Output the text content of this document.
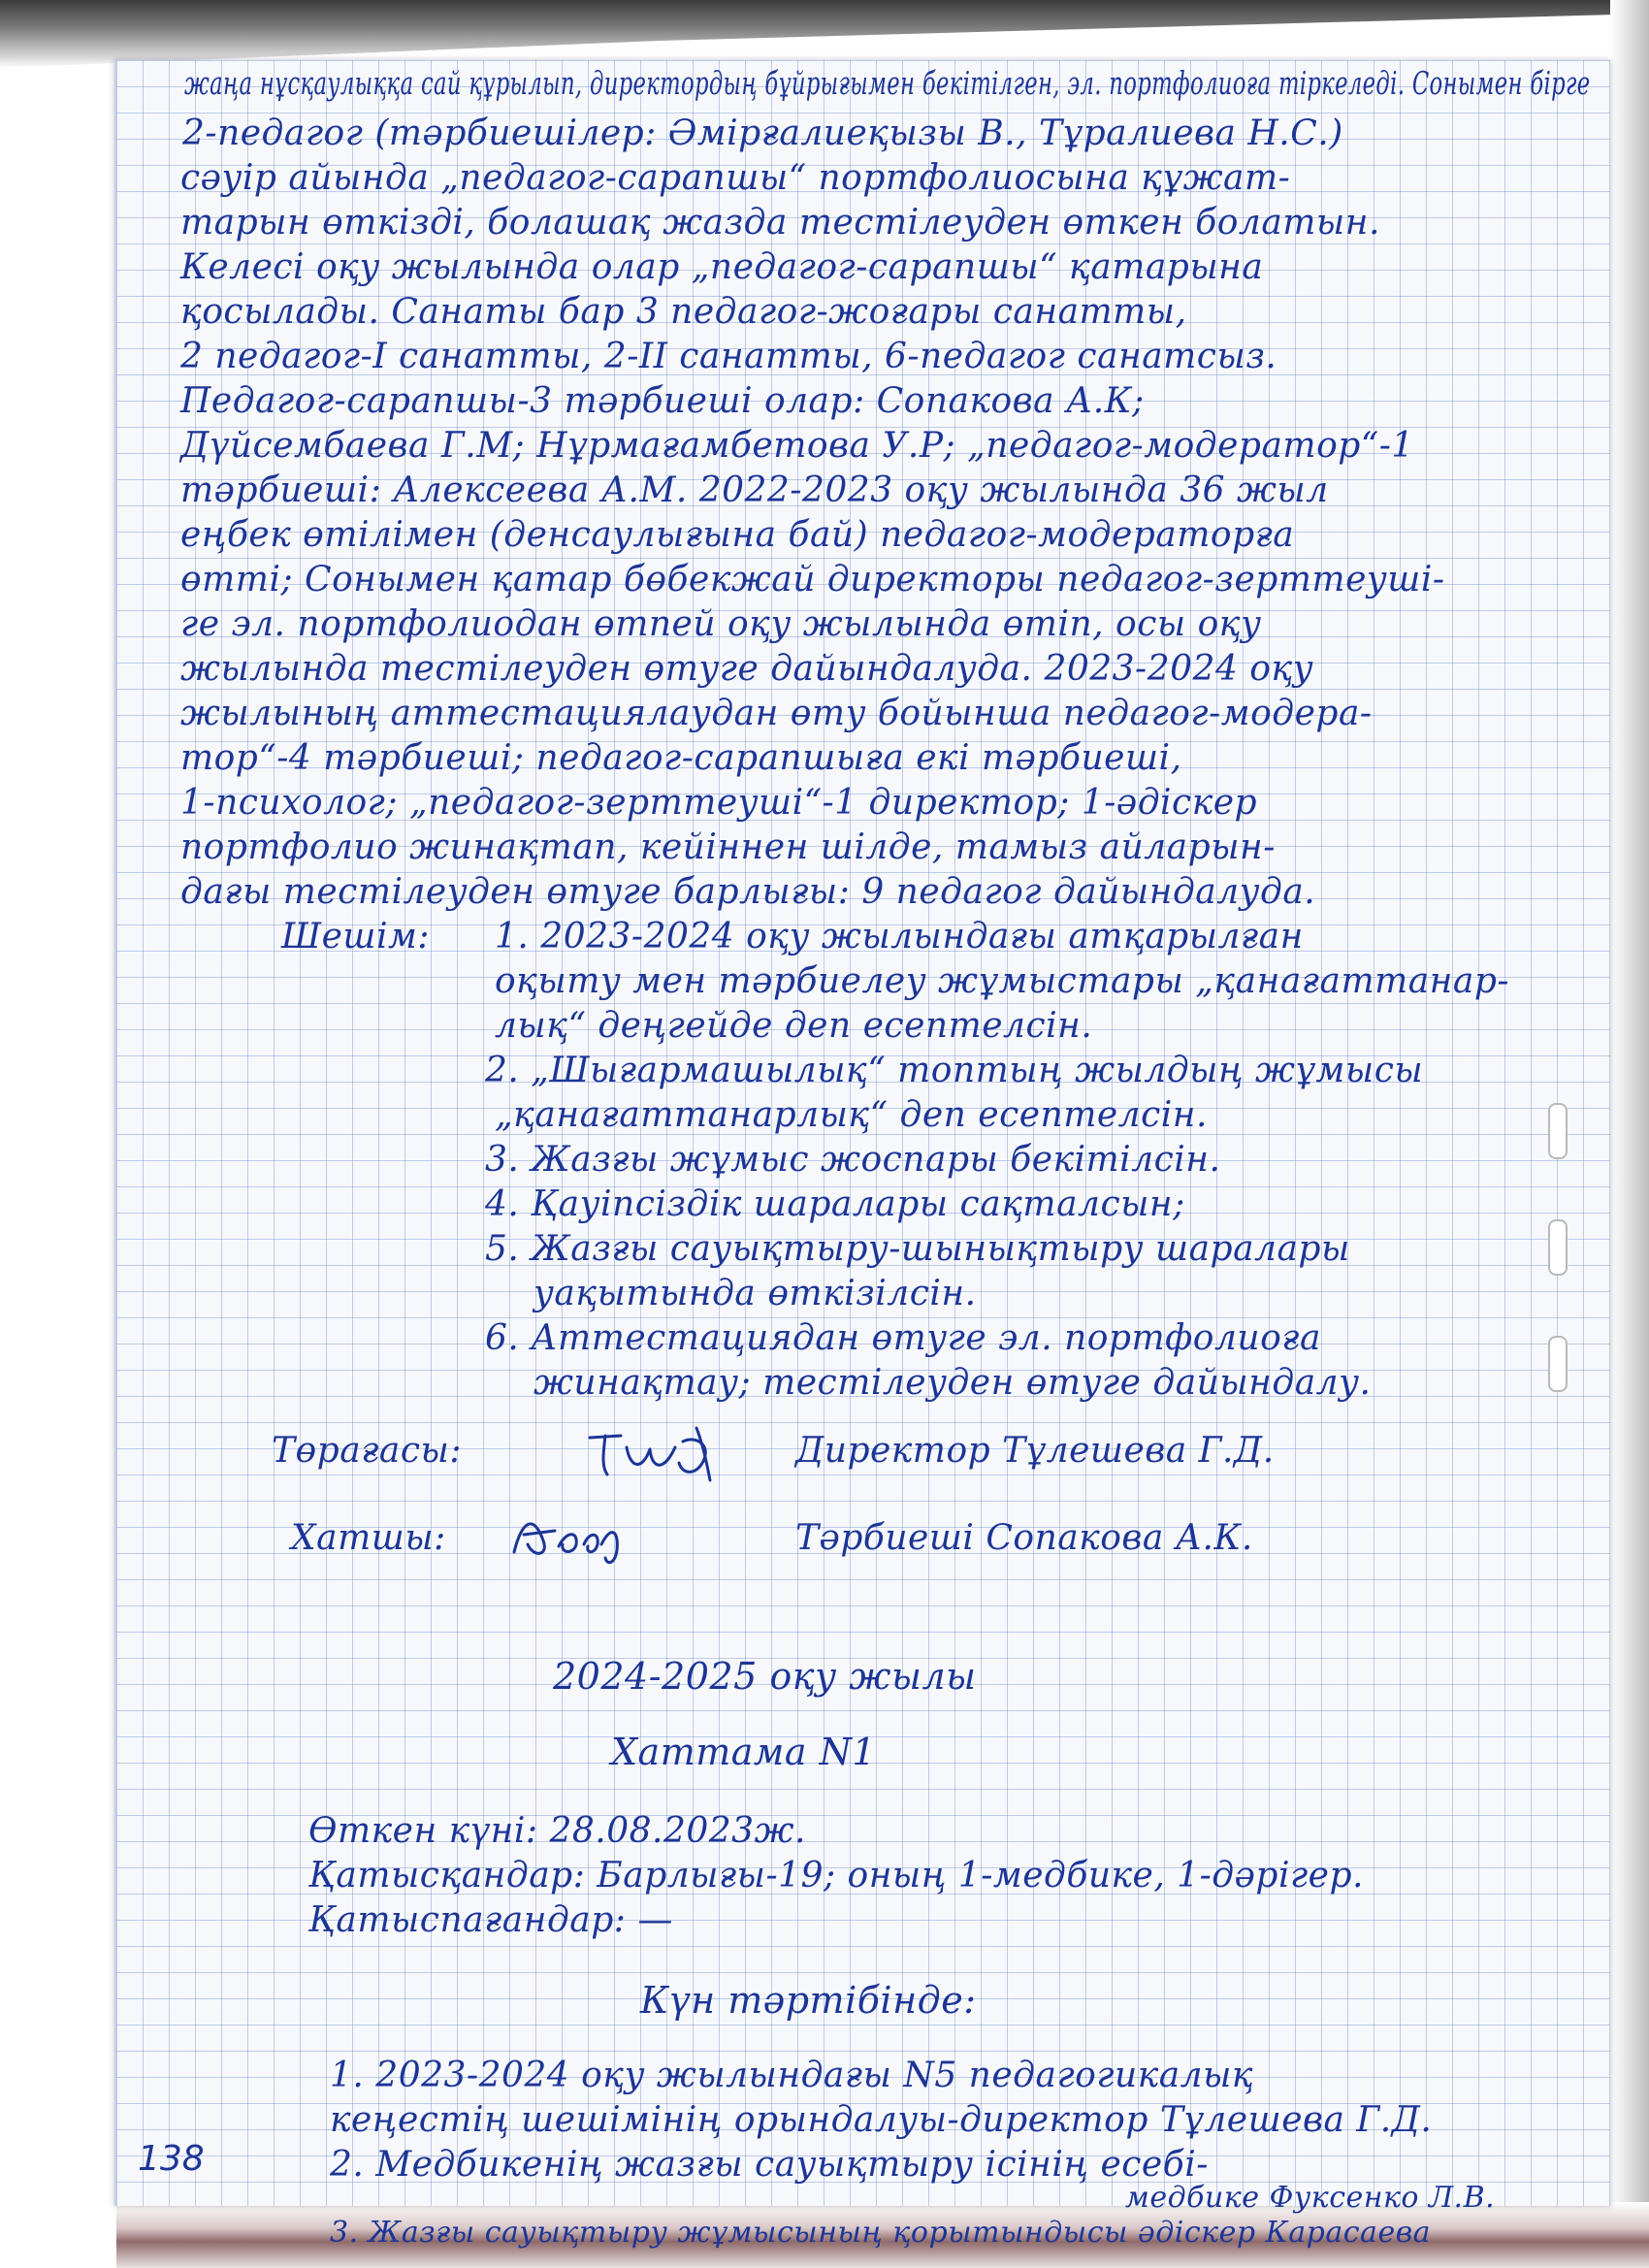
жаңа нұсқаулыққа сай құрылып, директордың бұйрығымен бекітілген, эл. портфолиоға тіркеледі. Сонымен бірге
2-педагог (тәрбиешілер: Әмірғалиеқызы В., Тұралиева Н.С.)
сәуір айында „педагог-сарапшы“ портфолиосына құжат-
тарын өткізді, болашақ жазда тестілеуден өткен болатын.
Келесі оқу жылында олар „педагог-сарапшы“ қатарына
қосылады. Санаты бар 3 педагог-жоғары санатты,
2 педагог-I санатты, 2-II санатты, 6-педагог санатсыз.
Педагог-сарапшы-3 тәрбиеші олар: Сопакова А.К;
Дүйсембаева Г.М; Нұрмағамбетова У.Р; „педагог-модератор“-1
тәрбиеші: Алексеева А.М. 2022-2023 оқу жылында 36 жыл
еңбек өтілімен (денсаулығына бай) педагог-модераторға
өтті; Сонымен қатар бөбекжай директоры педагог-зерттеуші-
ге эл. портфолиодан өтпей оқу жылында өтіп, осы оқу
жылында тестілеуден өтуге дайындалуда. 2023-2024 оқу
жылының аттестациялаудан өту бойынша педагог-модера-
тор“-4 тәрбиеші; педагог-сарапшыға екі тәрбиеші,
1-психолог; „педагог-зерттеуші“-1 директор; 1-әдіскер
портфолио жинақтап, кейіннен шілде, тамыз айларын-
дағы тестілеуден өтуге барлығы: 9 педагог дайындалуда.
Шешім: 1. 2023-2024 оқу жылындағы атқарылған
оқыту мен тәрбиелеу жұмыстары „қанағаттанар-
лық“ деңгейде деп есептелсін.
2. „Шығармашылық“ топтың жылдың жұмысы
„қанағаттанарлық“ деп есептелсін.
3. Жазғы жұмыс жоспары бекітілсін.
4. Қауіпсіздік шаралары сақталсын;
5. Жазғы сауықтыру-шынықтыру шаралары
уақытында өткізілсін.
6. Аттестациядан өтуге эл. портфолиоға
жинақтау; тестілеуден өтуге дайындалу.
Төрағасы:	Директор Тұлешева Г.Д.
Хатшы:	Тәрбиеші Сопакова А.К.
2024-2025 оқу жылы
Хаттама N1
Өткен күні: 28.08.2023ж.
Қатысқандар: Барлығы-19; оның 1-медбике, 1-дәрігер.
Қатыспағандар: —
Күн тәртібінде:
1. 2023-2024 оқу жылындағы N5 педагогикалық
кеңестің шешімінің орындалуы-директор Тұлешева Г.Д.
2. Медбикенің жазғы сауықтыру ісінің есебі-
медбике Фуксенко Л.В.
3. Жазғы сауықтыру жұмысының қорытындысы әдіскер Карасаева
138
